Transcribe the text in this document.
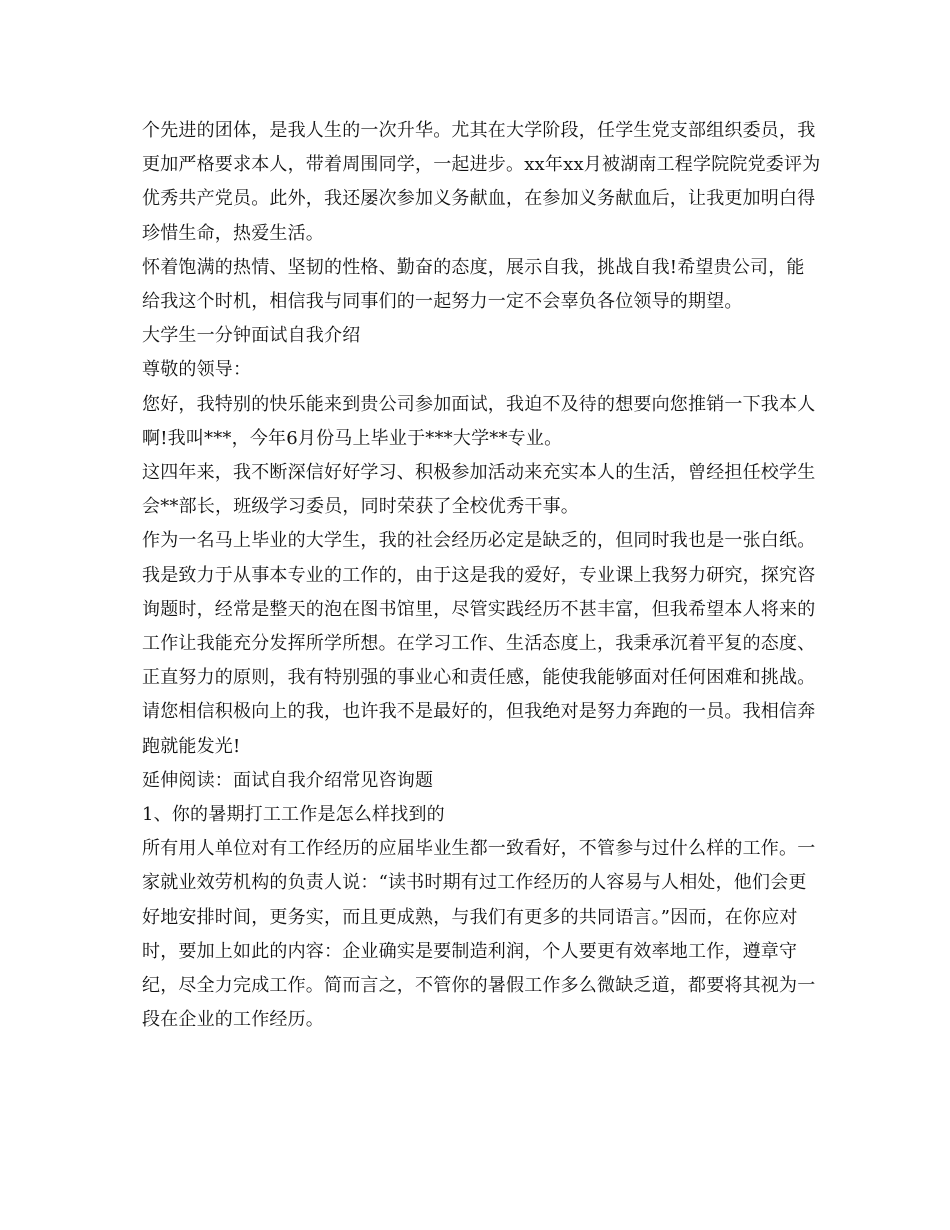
个先进的团体，是我人生的一次升华。尤其在大学阶段，任学生党支部组织委员，我更加严格要求本人，带着周围同学，一起进步。xx年xx月被湖南工程学院院党委评为优秀共产党员。此外，我还屡次参加义务献血，在参加义务献血后，让我更加明白得珍惜生命，热爱生活。

怀着饱满的热情、坚韧的性格、勤奋的态度，展示自我，挑战自我!希望贵公司，能给我这个时机，相信我与同事们的一起努力一定不会辜负各位领导的期望。

大学生一分钟面试自我介绍

尊敬的领导：

您好，我特别的快乐能来到贵公司参加面试，我迫不及待的想要向您推销一下我本人啊!我叫***，今年6月份马上毕业于***大学**专业。

这四年来，我不断深信好好学习、积极参加活动来充实本人的生活，曾经担任校学生会**部长，班级学习委员，同时荣获了全校优秀干事。

作为一名马上毕业的大学生，我的社会经历必定是缺乏的，但同时我也是一张白纸。我是致力于从事本专业的工作的，由于这是我的爱好，专业课上我努力研究，探究咨询题时，经常是整天的泡在图书馆里，尽管实践经历不甚丰富，但我希望本人将来的工作让我能充分发挥所学所想。在学习工作、生活态度上，我秉承沉着平复的态度、正直努力的原则，我有特别强的事业心和责任感，能使我能够面对任何困难和挑战。

请您相信积极向上的我，也许我不是最好的，但我绝对是努力奔跑的一员。我相信奔跑就能发光!

延伸阅读：面试自我介绍常见咨询题

1、你的暑期打工工作是怎么样找到的

所有用人单位对有工作经历的应届毕业生都一致看好，不管参与过什么样的工作。一家就业效劳机构的负责人说：“读书时期有过工作经历的人容易与人相处，他们会更好地安排时间，更务实，而且更成熟，与我们有更多的共同语言。”因而，在你应对时，要加上如此的内容：企业确实是要制造利润，个人要更有效率地工作，遵章守纪，尽全力完成工作。简而言之，不管你的暑假工作多么微缺乏道，都要将其视为一段在企业的工作经历。
